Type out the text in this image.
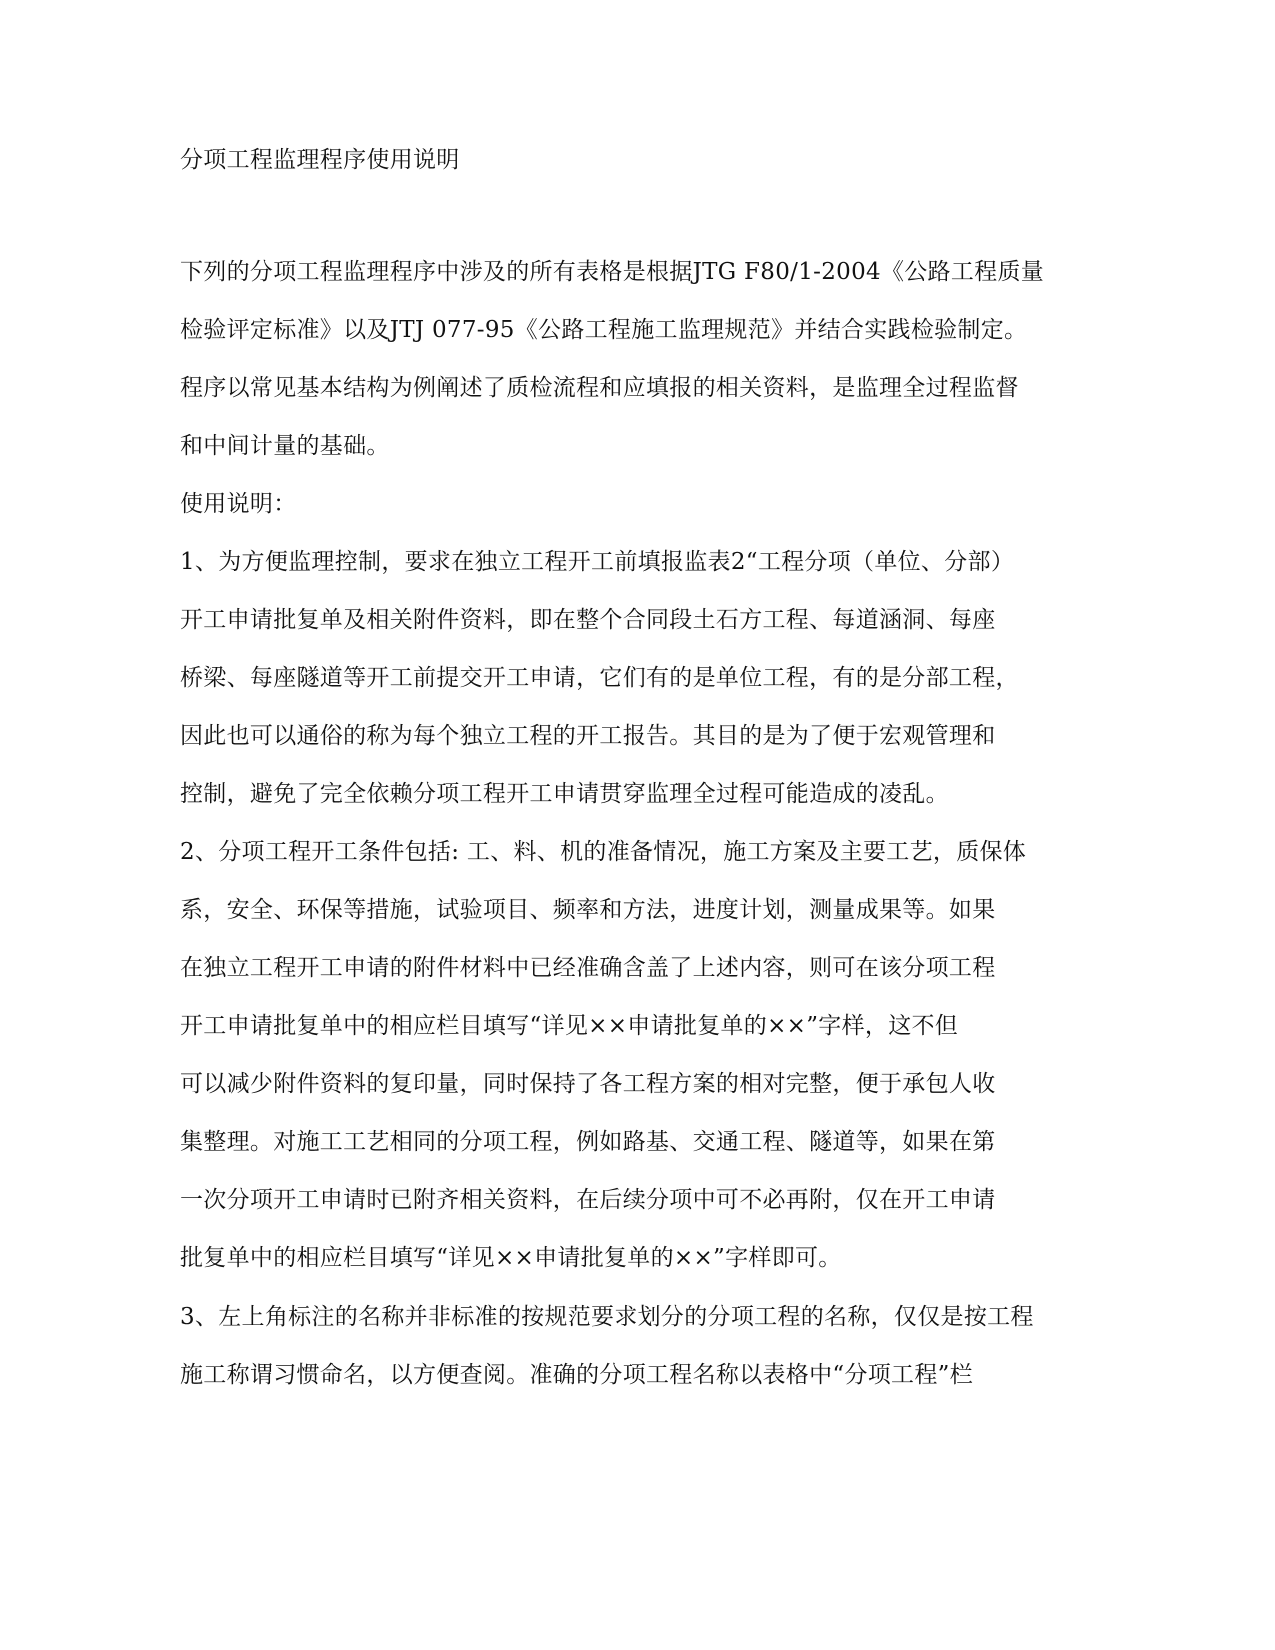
分项工程监理程序使用说明
下列的分项工程监理程序中涉及的所有表格是根据JTG F80/1-2004《公路工程质量
检验评定标准》以及JTJ 077-95《公路工程施工监理规范》并结合实践检验制定。
程序以常见基本结构为例阐述了质检流程和应填报的相关资料，是监理全过程监督
和中间计量的基础。
使用说明：
1、为方便监理控制，要求在独立工程开工前填报监表2“工程分项（单位、分部）
开工申请批复单及相关附件资料，即在整个合同段土石方工程、每道涵洞、每座
桥梁、每座隧道等开工前提交开工申请，它们有的是单位工程，有的是分部工程，
因此也可以通俗的称为每个独立工程的开工报告。其目的是为了便于宏观管理和
控制，避免了完全依赖分项工程开工申请贯穿监理全过程可能造成的凌乱。
2、分项工程开工条件包括: 工、料、机的准备情况，施工方案及主要工艺，质保体
系，安全、环保等措施，试验项目、频率和方法，进度计划，测量成果等。如果
在独立工程开工申请的附件材料中已经准确含盖了上述内容，则可在该分项工程
开工申请批复单中的相应栏目填写“详见××申请批复单的××”字样，这不但
可以减少附件资料的复印量，同时保持了各工程方案的相对完整，便于承包人收
集整理。对施工工艺相同的分项工程，例如路基、交通工程、隧道等，如果在第
一次分项开工申请时已附齐相关资料，在后续分项中可不必再附，仅在开工申请
批复单中的相应栏目填写“详见××申请批复单的××”字样即可。
3、左上角标注的名称并非标准的按规范要求划分的分项工程的名称，仅仅是按工程
施工称谓习惯命名，以方便查阅。准确的分项工程名称以表格中“分项工程”栏
